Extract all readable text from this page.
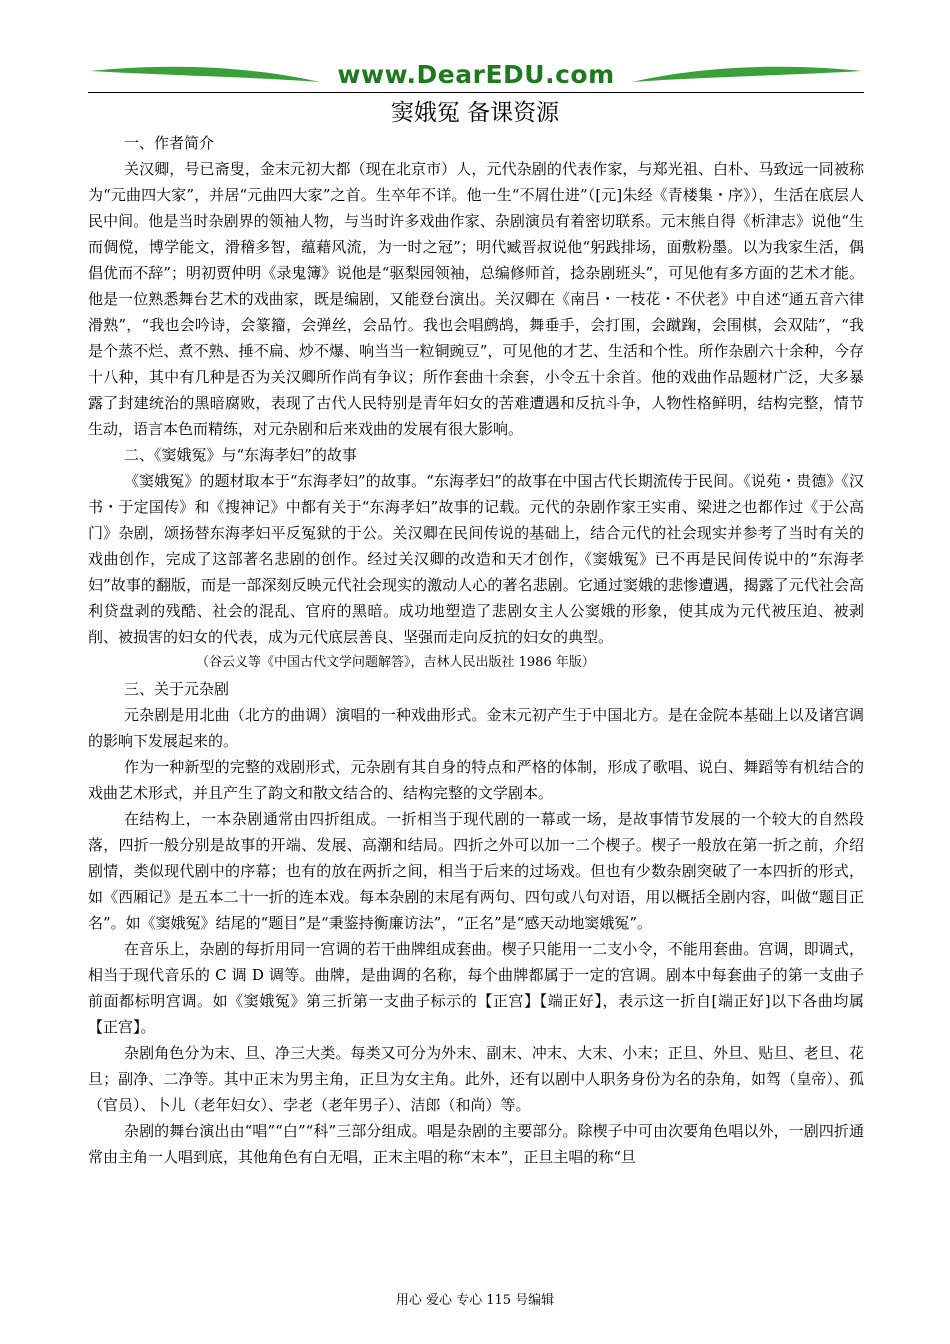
www.DearEDU.com
窦娥冤 备课资源

一、作者简介

关汉卿，号已斋叟，金末元初大都（现在北京市）人，元代杂剧的代表作家，与郑光祖、白朴、马致远一同被称为“元曲四大家”，并居“元曲四大家”之首。生卒年不详。他一生“不屑仕进”（[元]朱经《青楼集・序》），生活在底层人民中间。他是当时杂剧界的领袖人物，与当时许多戏曲作家、杂剧演员有着密切联系。元末熊自得《析津志》说他“生而倜傥，博学能文，滑稽多智，蕴藉风流，为一时之冠”；明代臧晋叔说他“躬践排场，面敷粉墨。以为我家生活，偶倡优而不辞”；明初贾仲明《录鬼簿》说他是“驱梨园领袖，总编修师首，捻杂剧班头”，可见他有多方面的艺术才能。他是一位熟悉舞台艺术的戏曲家，既是编剧，又能登台演出。关汉卿在《南吕・一枝花・不伏老》中自述“通五音六律滑熟”，“我也会吟诗，会篆籀，会弹丝，会品竹。我也会唱鹧鸪，舞垂手，会打围，会蹴踘，会围棋，会双陆”，“我是个蒸不烂、煮不熟、捶不扁、炒不爆、响当当一粒铜豌豆”，可见他的才艺、生活和个性。所作杂剧六十余种，今存十八种，其中有几种是否为关汉卿所作尚有争议；所作套曲十余套，小令五十余首。他的戏曲作品题材广泛，大多暴露了封建统治的黑暗腐败，表现了古代人民特别是青年妇女的苦难遭遇和反抗斗争，人物性格鲜明，结构完整，情节生动，语言本色而精练，对元杂剧和后来戏曲的发展有很大影响。

二、《窦娥冤》与“东海孝妇”的故事

《窦娥冤》的题材取本于“东海孝妇”的故事。“东海孝妇”的故事在中国古代长期流传于民间。《说苑・贵德》《汉书・于定国传》和《搜神记》中都有关于“东海孝妇”故事的记载。元代的杂剧作家王实甫、梁进之也都作过《于公高门》杂剧，颂扬替东海孝妇平反冤狱的于公。关汉卿在民间传说的基础上，结合元代的社会现实并参考了当时有关的戏曲创作，完成了这部著名悲剧的创作。经过关汉卿的改造和天才创作，《窦娥冤》已不再是民间传说中的“东海孝妇”故事的翻版，而是一部深刻反映元代社会现实的激动人心的著名悲剧。它通过窦娥的悲惨遭遇，揭露了元代社会高利贷盘剥的残酷、社会的混乱、官府的黑暗。成功地塑造了悲剧女主人公窦娥的形象，使其成为元代被压迫、被剥削、被损害的妇女的代表，成为元代底层善良、坚强而走向反抗的妇女的典型。

（谷云义等《中国古代文学问题解答》，吉林人民出版社 1986 年版）

三、关于元杂剧

元杂剧是用北曲（北方的曲调）演唱的一种戏曲形式。金末元初产生于中国北方。是在金院本基础上以及诸宫调的影响下发展起来的。

作为一种新型的完整的戏剧形式，元杂剧有其自身的特点和严格的体制，形成了歌唱、说白、舞蹈等有机结合的戏曲艺术形式，并且产生了韵文和散文结合的、结构完整的文学剧本。

在结构上，一本杂剧通常由四折组成。一折相当于现代剧的一幕或一场，是故事情节发展的一个较大的自然段落，四折一般分别是故事的开端、发展、高潮和结局。四折之外可以加一二个楔子。楔子一般放在第一折之前，介绍剧情，类似现代剧中的序幕；也有的放在两折之间，相当于后来的过场戏。但也有少数杂剧突破了一本四折的形式，如《西厢记》是五本二十一折的连本戏。每本杂剧的末尾有两句、四句或八句对语，用以概括全剧内容，叫做“题目正名”。如《窦娥冤》结尾的“题目”是“秉鉴持衡廉访法”，“正名”是“感天动地窦娥冤”。

在音乐上，杂剧的每折用同一宫调的若干曲牌组成套曲。楔子只能用一二支小令，不能用套曲。宫调，即调式，相当于现代音乐的 C 调 D 调等。曲牌，是曲调的名称，每个曲牌都属于一定的宫调。剧本中每套曲子的第一支曲子前面都标明宫调。如《窦娥冤》第三折第一支曲子标示的【正宫】【端正好】，表示这一折自[端正好]以下各曲均属【正宫】。

杂剧角色分为末、旦、净三大类。每类又可分为外末、副末、冲末、大末、小末；正旦、外旦、贴旦、老旦、花旦；副净、二净等。其中正末为男主角，正旦为女主角。此外，还有以剧中人职务身份为名的杂角，如驾（皇帝）、孤（官员）、卜儿（老年妇女）、孛老（老年男子）、洁郎（和尚）等。

杂剧的舞台演出由“唱”“白”“科”三部分组成。唱是杂剧的主要部分。除楔子中可由次要角色唱以外，一剧四折通常由主角一人唱到底，其他角色有白无唱，正末主唱的称“末本”，正旦主唱的称“旦

用心 爱心 专心 115 号编辑
